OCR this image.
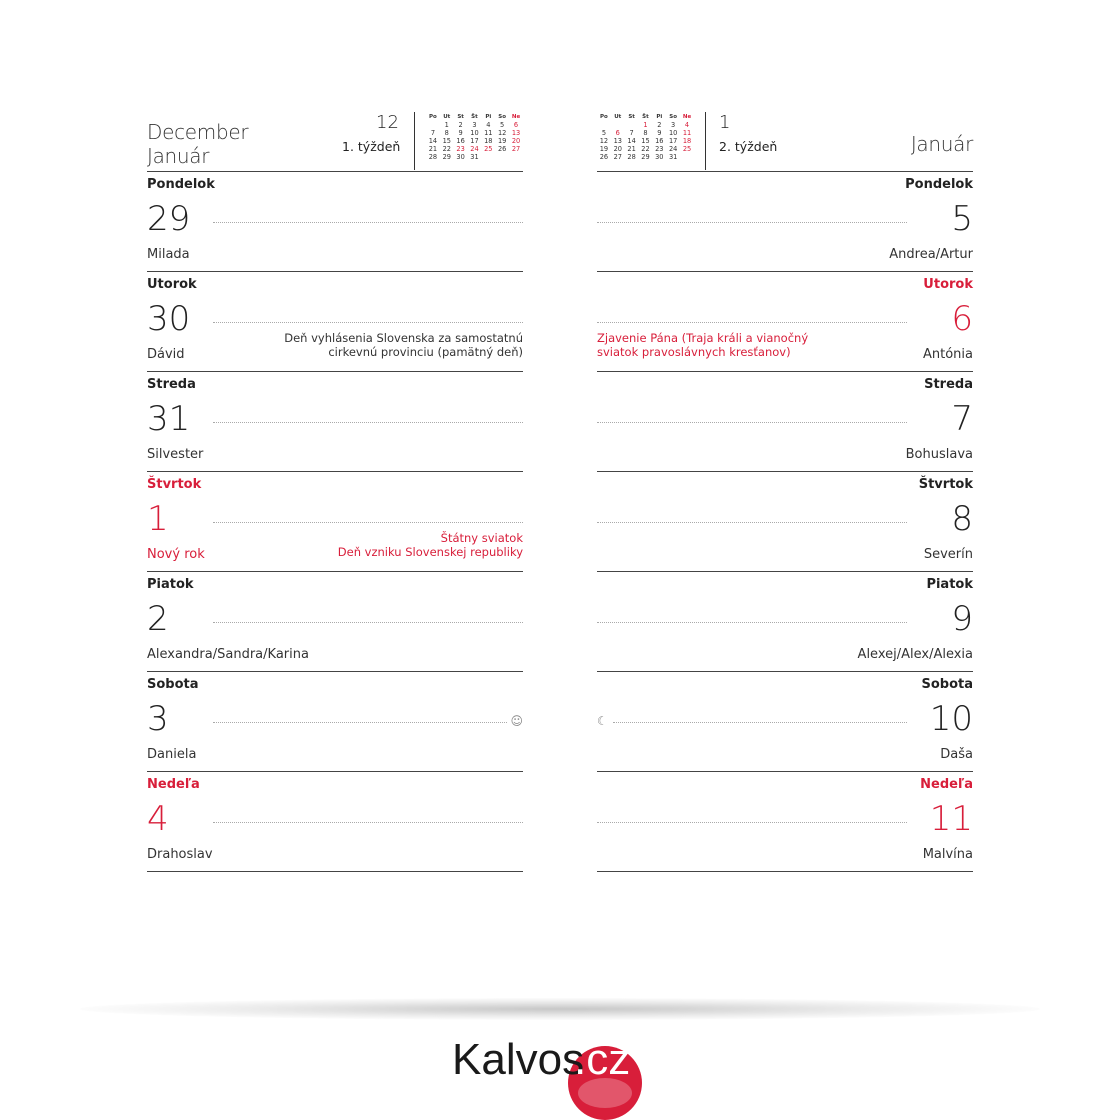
December
Január
12
1. týždeň
Po	Ut	St	Št	Pi	So	Ne
	1	2	3	4	5	6
7	8	9	10	11	12	13
14	15	16	17	18	19	20
21	22	23	24	25	26	27
28	29	30	31			
Pondelok
29
Milada
Utorok
30	Deň vyhlásenia Slovenska za samostatnú
cirkevnú provinciu (pamätný deň)
Dávid
Streda
31
Silvester
Štvrtok
1	Štátny sviatok
Deň vzniku Slovenskej republiky
Nový rok
Piatok
2
Alexandra/Sandra/Karina
Sobota
3	☺
Daniela
Nedeľa
4
Drahoslav
Po	Ut	St	Št	Pi	So	Ne
			1	2	3	4
5	6	7	8	9	10	11
12	13	14	15	16	17	18
19	20	21	22	23	24	25
26	27	28	29	30	31	
1
2. týždeň	Január
Pondelok
5
Andrea/Artur
Utorok
6
Zjavenie Pána (Traja králi a vianočný
sviatok pravoslávnych kresťanov)	Antónia
Streda
7
Bohuslava
Štvrtok
8
Severín
Piatok
9
Alexej/Alex/Alexia
Sobota
10
☾
Daša
Nedeľa
11
Malvína
Kalvos
.cz
